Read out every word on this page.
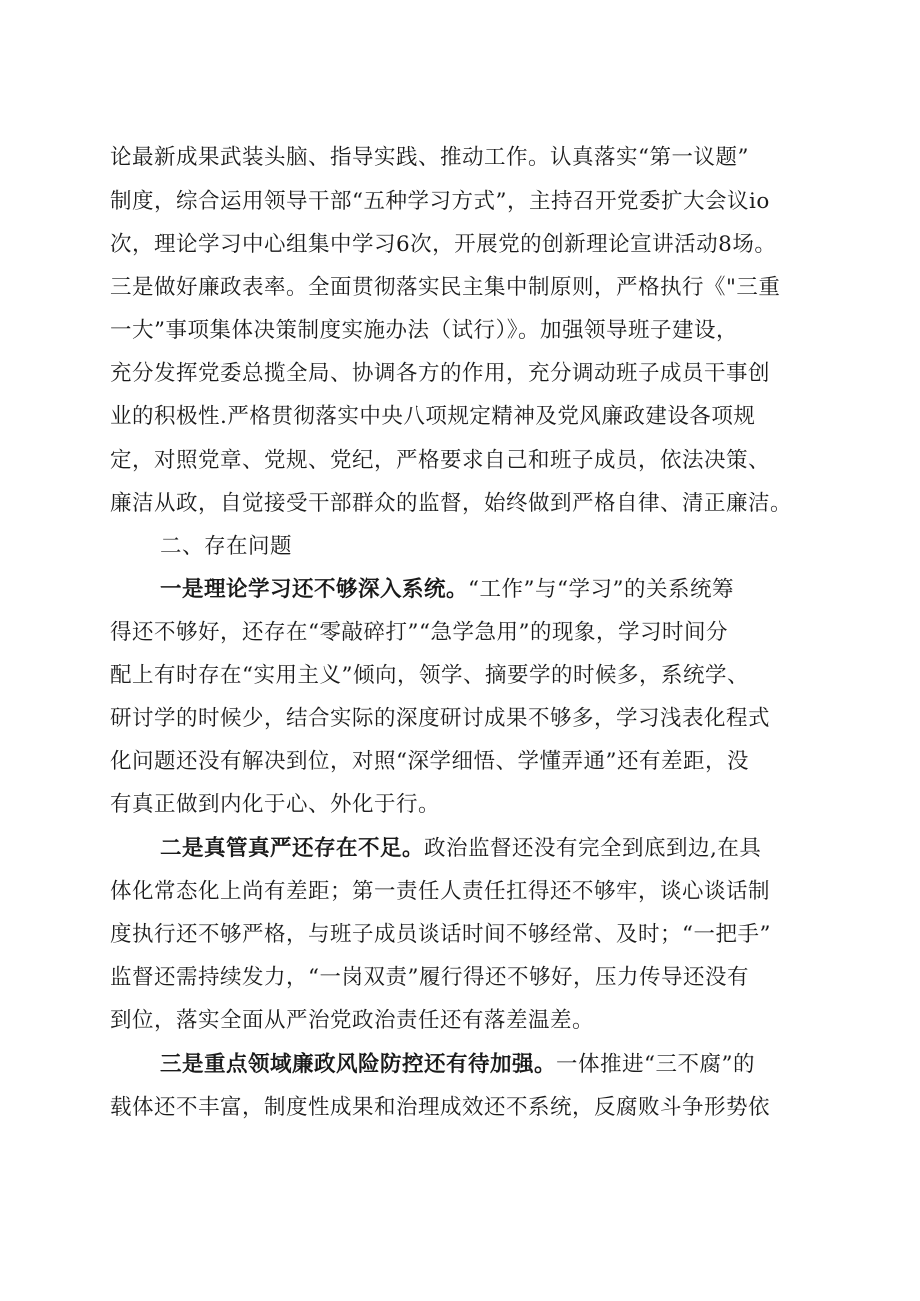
论最新成果武装头脑、指导实践、推动工作。认真落实“第一议题”
制度，综合运用领导干部“五种学习方式”，主持召开党委扩大会议io
次，理论学习中心组集中学习6次，开展党的创新理论宣讲活动8场。
三是做好廉政表率。全面贯彻落实民主集中制原则，严格执行《"三重
一大”事项集体决策制度实施办法（试行）》。加强领导班子建设，
充分发挥党委总揽全局、协调各方的作用，充分调动班子成员干事创
业的积极性.严格贯彻落实中央八项规定精神及党风廉政建设各项规
定，对照党章、党规、党纪，严格要求自己和班子成员，依法决策、
廉洁从政，自觉接受干部群众的监督，始终做到严格自律、清正廉洁。
二、存在问题
一是理论学习还不够深入系统。“工作”与“学习”的关系统筹
得还不够好，还存在“零敲碎打”“急学急用”的现象，学习时间分
配上有时存在“实用主义”倾向，领学、摘要学的时候多，系统学、
研讨学的时候少，结合实际的深度研讨成果不够多，学习浅表化程式
化问题还没有解决到位，对照“深学细悟、学懂弄通”还有差距，没
有真正做到内化于心、外化于行。
二是真管真严还存在不足。政治监督还没有完全到底到边,在具
体化常态化上尚有差距；第一责任人责任扛得还不够牢，谈心谈话制
度执行还不够严格，与班子成员谈话时间不够经常、及时；“一把手”
监督还需持续发力，“一岗双责”履行得还不够好，压力传导还没有
到位，落实全面从严治党政治责任还有落差温差。
三是重点领域廉政风险防控还有待加强。一体推进“三不腐”的
载体还不丰富，制度性成果和治理成效还不系统，反腐败斗争形势依
